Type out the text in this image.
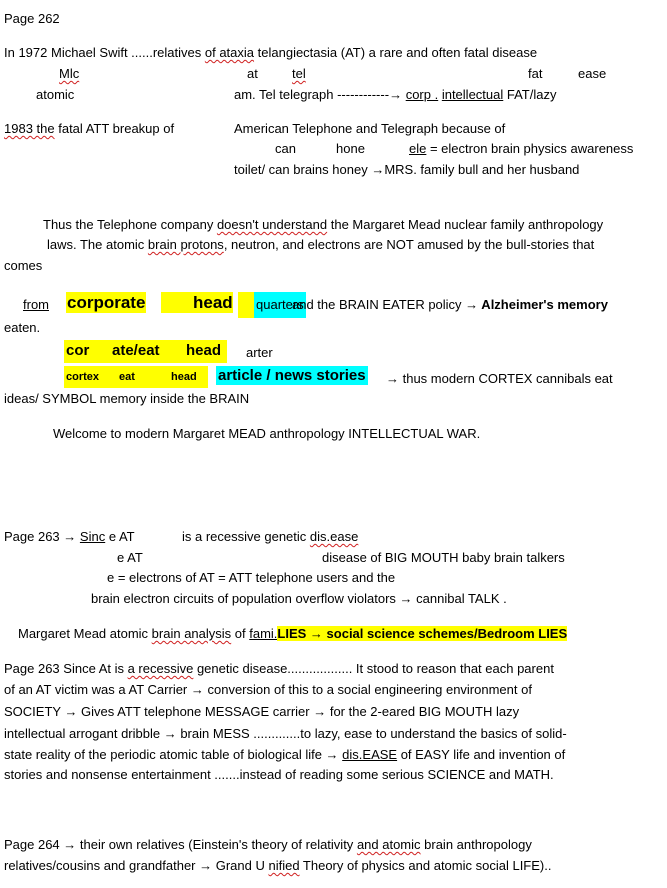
Page 262
In 1972 Michael Swift ......relatives of ataxia telangiectasia (AT) a rare and often fatal disease
Mlc	at	tel	fat	ease
atomic	am. Tel telegraph ------------→ corp . intellectual FAT/lazy
1983 the fatal ATT breakup of	American Telephone and Telegraph because of
can	hone	ele = electron brain physics awareness
toilet/ can brains honey →MRS. family bull and her husband
Thus the Telephone company doesn't understand the Margaret Mead nuclear family anthropology
laws. The atomic brain protons, neutron, and electrons are NOT amused by the bull-stories that
comes
from corporate	head quarters
and the BRAIN EATER policy → Alzheimer's memory
eaten.
cor ate/eat head arter
cortex eat	head article / news stories → thus modern CORTEX cannibals eat
ideas/ SYMBOL memory inside the BRAIN
Welcome to modern Margaret MEAD anthropology INTELLECTUAL WAR.
Page 263 → Sinc e AT	is a recessive genetic dis.ease
e AT	disease of BIG MOUTH baby brain talkers
e = electrons of AT = ATT telephone users and the
brain electron circuits of population overflow violators → cannibal TALK .
Margaret Mead atomic brain analysis of fami.LIES → social science schemes/Bedroom LIES
Page 263 Since At is a recessive genetic disease.................. It stood to reason that each parent
of an AT victim was a AT Carrier → conversion of this to a social engineering environment of
SOCIETY → Gives ATT telephone MESSAGE carrier → for the 2-eared BIG MOUTH lazy
intellectual arrogant dribble → brain MESS .............to lazy, ease to understand the basics of solid-
state reality of the periodic atomic table of biological life → dis.EASE of EASY life and invention of
stories and nonsense entertainment .......instead of reading some serious SCIENCE and MATH.
Page 264 → their own relatives (Einstein's theory of relativity and atomic brain anthropology
relatives/cousins and grandfather → Grand U nified Theory of physics and atomic social LIFE)..
